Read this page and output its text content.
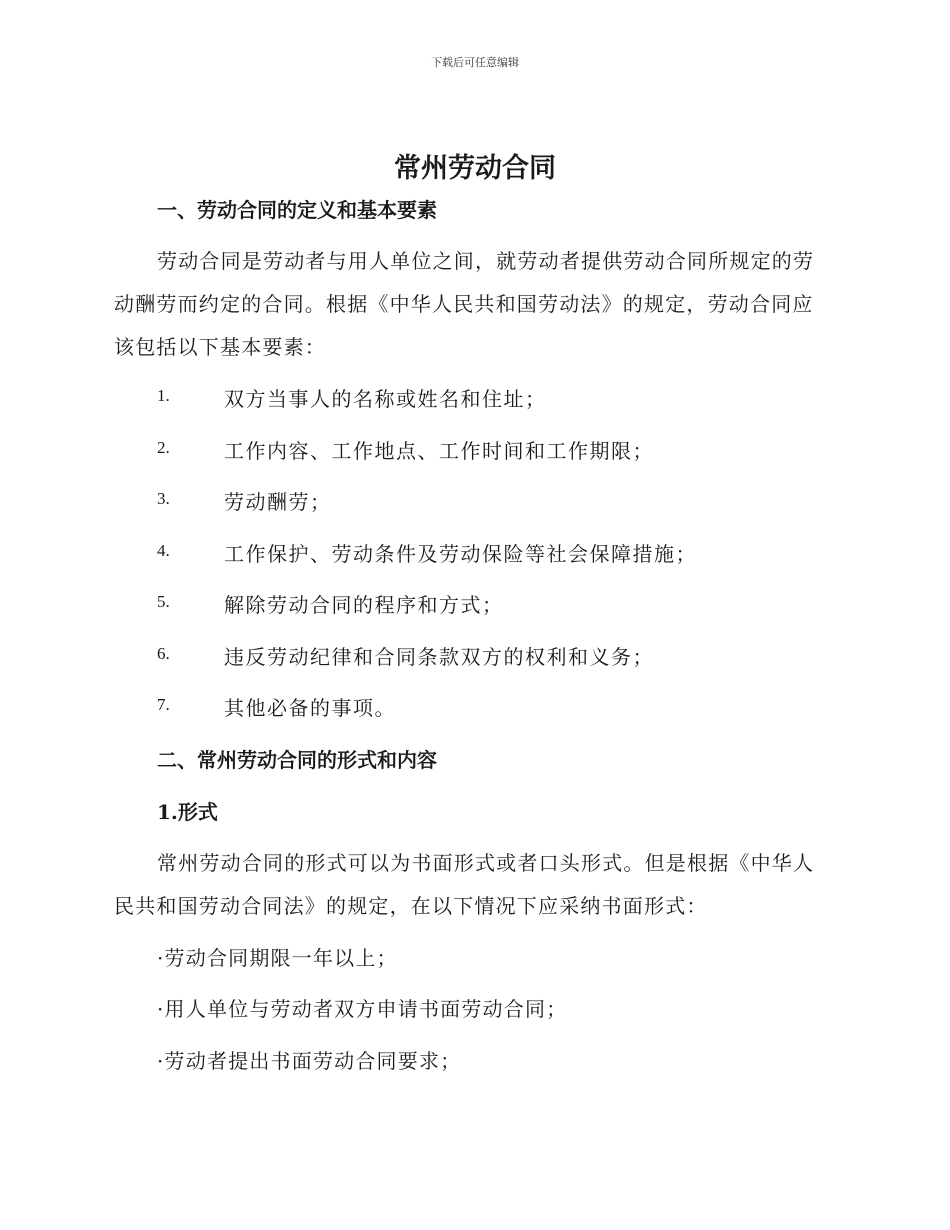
下载后可任意编辑
常州劳动合同
一、劳动合同的定义和基本要素
劳动合同是劳动者与用人单位之间，就劳动者提供劳动合同所规定的劳
动酬劳而约定的合同。根据《中华人民共和国劳动法》的规定，劳动合同应
该包括以下基本要素：
1.	双方当事人的名称或姓名和住址；
2.	工作内容、工作地点、工作时间和工作期限；
3.	劳动酬劳；
4.	工作保护、劳动条件及劳动保险等社会保障措施；
5.	解除劳动合同的程序和方式；
6.	违反劳动纪律和合同条款双方的权利和义务；
7.	其他必备的事项。
二、常州劳动合同的形式和内容
1.形式
常州劳动合同的形式可以为书面形式或者口头形式。但是根据《中华人
民共和国劳动合同法》的规定，在以下情况下应采纳书面形式：
·劳动合同期限一年以上；
·用人单位与劳动者双方申请书面劳动合同；
·劳动者提出书面劳动合同要求；
